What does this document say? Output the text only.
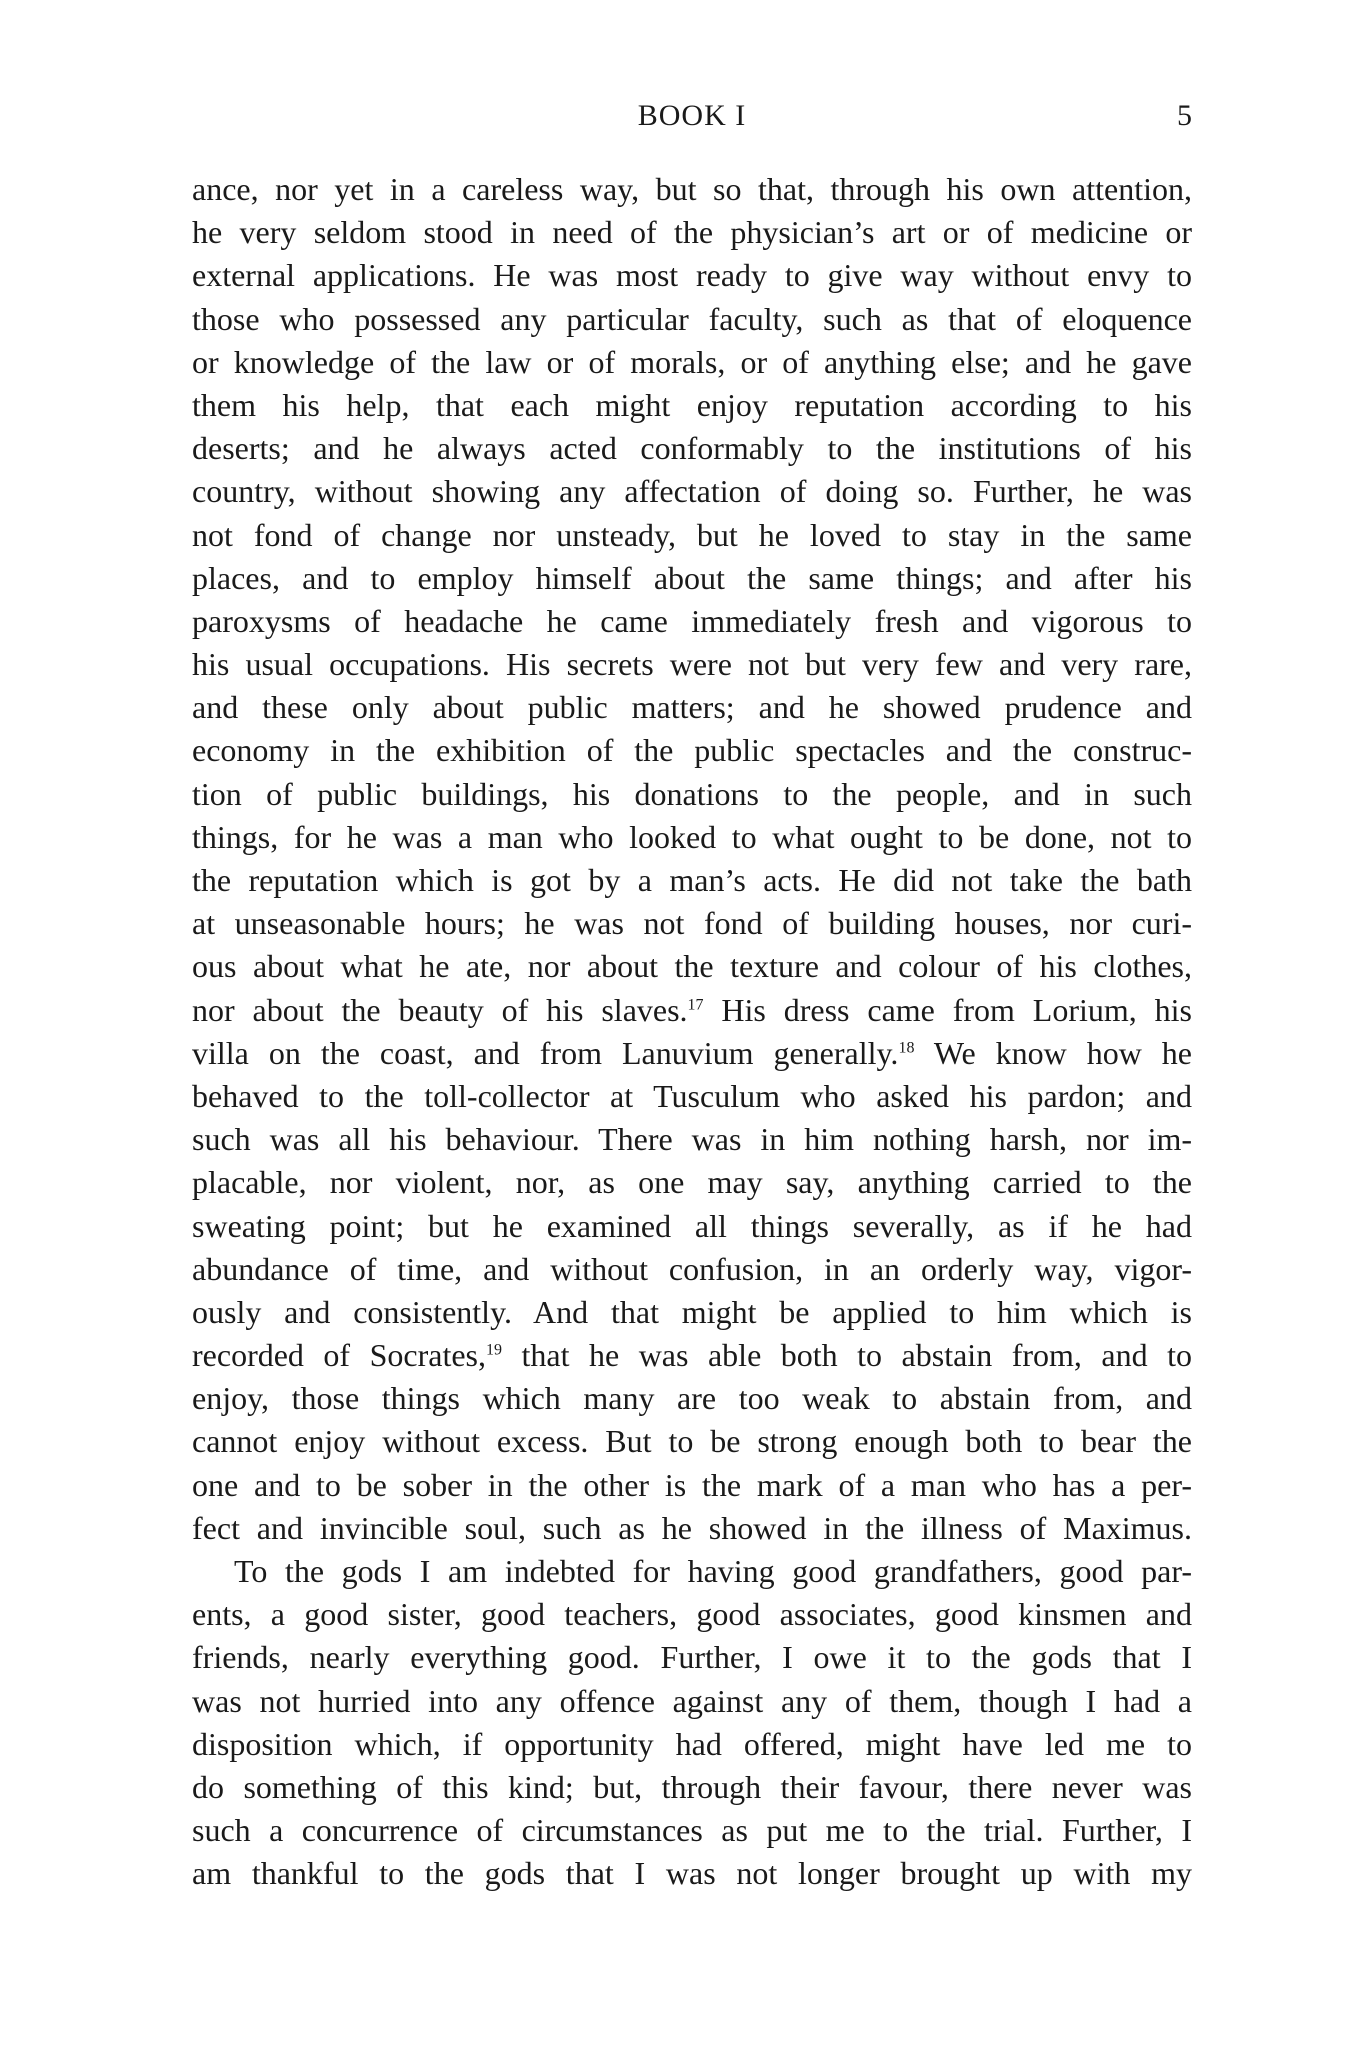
BOOK I	5
ance, nor yet in a careless way, but so that, through his own attention,
he very seldom stood in need of the physician’s art or of medicine or
external applications. He was most ready to give way without envy to
those who possessed any particular faculty, such as that of eloquence
or knowledge of the law or of morals, or of anything else; and he gave
them his help, that each might enjoy reputation according to his
deserts; and he always acted conformably to the institutions of his
country, without showing any affectation of doing so. Further, he was
not fond of change nor unsteady, but he loved to stay in the same
places, and to employ himself about the same things; and after his
paroxysms of headache he came immediately fresh and vigorous to
his usual occupations. His secrets were not but very few and very rare,
and these only about public matters; and he showed prudence and
economy in the exhibition of the public spectacles and the construc-
tion of public buildings, his donations to the people, and in such
things, for he was a man who looked to what ought to be done, not to
the reputation which is got by a man’s acts. He did not take the bath
at unseasonable hours; he was not fond of building houses, nor curi-
ous about what he ate, nor about the texture and colour of his clothes,
nor about the beauty of his slaves.$^{17}$ His dress came from Lorium, his
villa on the coast, and from Lanuvium generally.$^{18}$ We know how he
behaved to the toll-collector at Tusculum who asked his pardon; and
such was all his behaviour. There was in him nothing harsh, nor im-
placable, nor violent, nor, as one may say, anything carried to the
sweating point; but he examined all things severally, as if he had
abundance of time, and without confusion, in an orderly way, vigor-
ously and consistently. And that might be applied to him which is
recorded of Socrates,$^{19}$ that he was able both to abstain from, and to
enjoy, those things which many are too weak to abstain from, and
cannot enjoy without excess. But to be strong enough both to bear the
one and to be sober in the other is the mark of a man who has a per-
fect and invincible soul, such as he showed in the illness of Maximus.
To the gods I am indebted for having good grandfathers, good par-
ents, a good sister, good teachers, good associates, good kinsmen and
friends, nearly everything good. Further, I owe it to the gods that I
was not hurried into any offence against any of them, though I had a
disposition which, if opportunity had offered, might have led me to
do something of this kind; but, through their favour, there never was
such a concurrence of circumstances as put me to the trial. Further, I
am thankful to the gods that I was not longer brought up with my
